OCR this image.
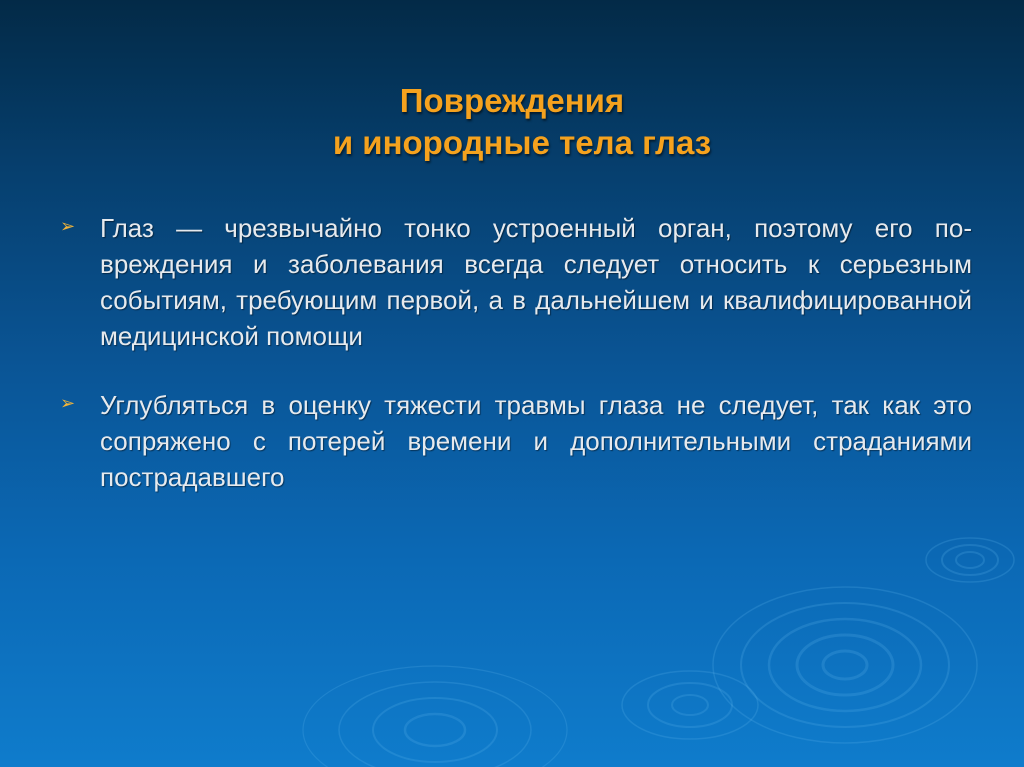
Повреждения
и инородные тела глаз
➢ Глаз — чрезвычайно тонко устроенный орган, поэтому его повреждения и заболевания всегда следует относить к серьезным событиям, требующим первой, а в дальнейшем и квалифицированной медицинской помощи
➢ Углубляться в оценку тяжести травмы глаза не следует, так как это сопряжено с потерей времени и дополнительными страданиями пострадавшего
